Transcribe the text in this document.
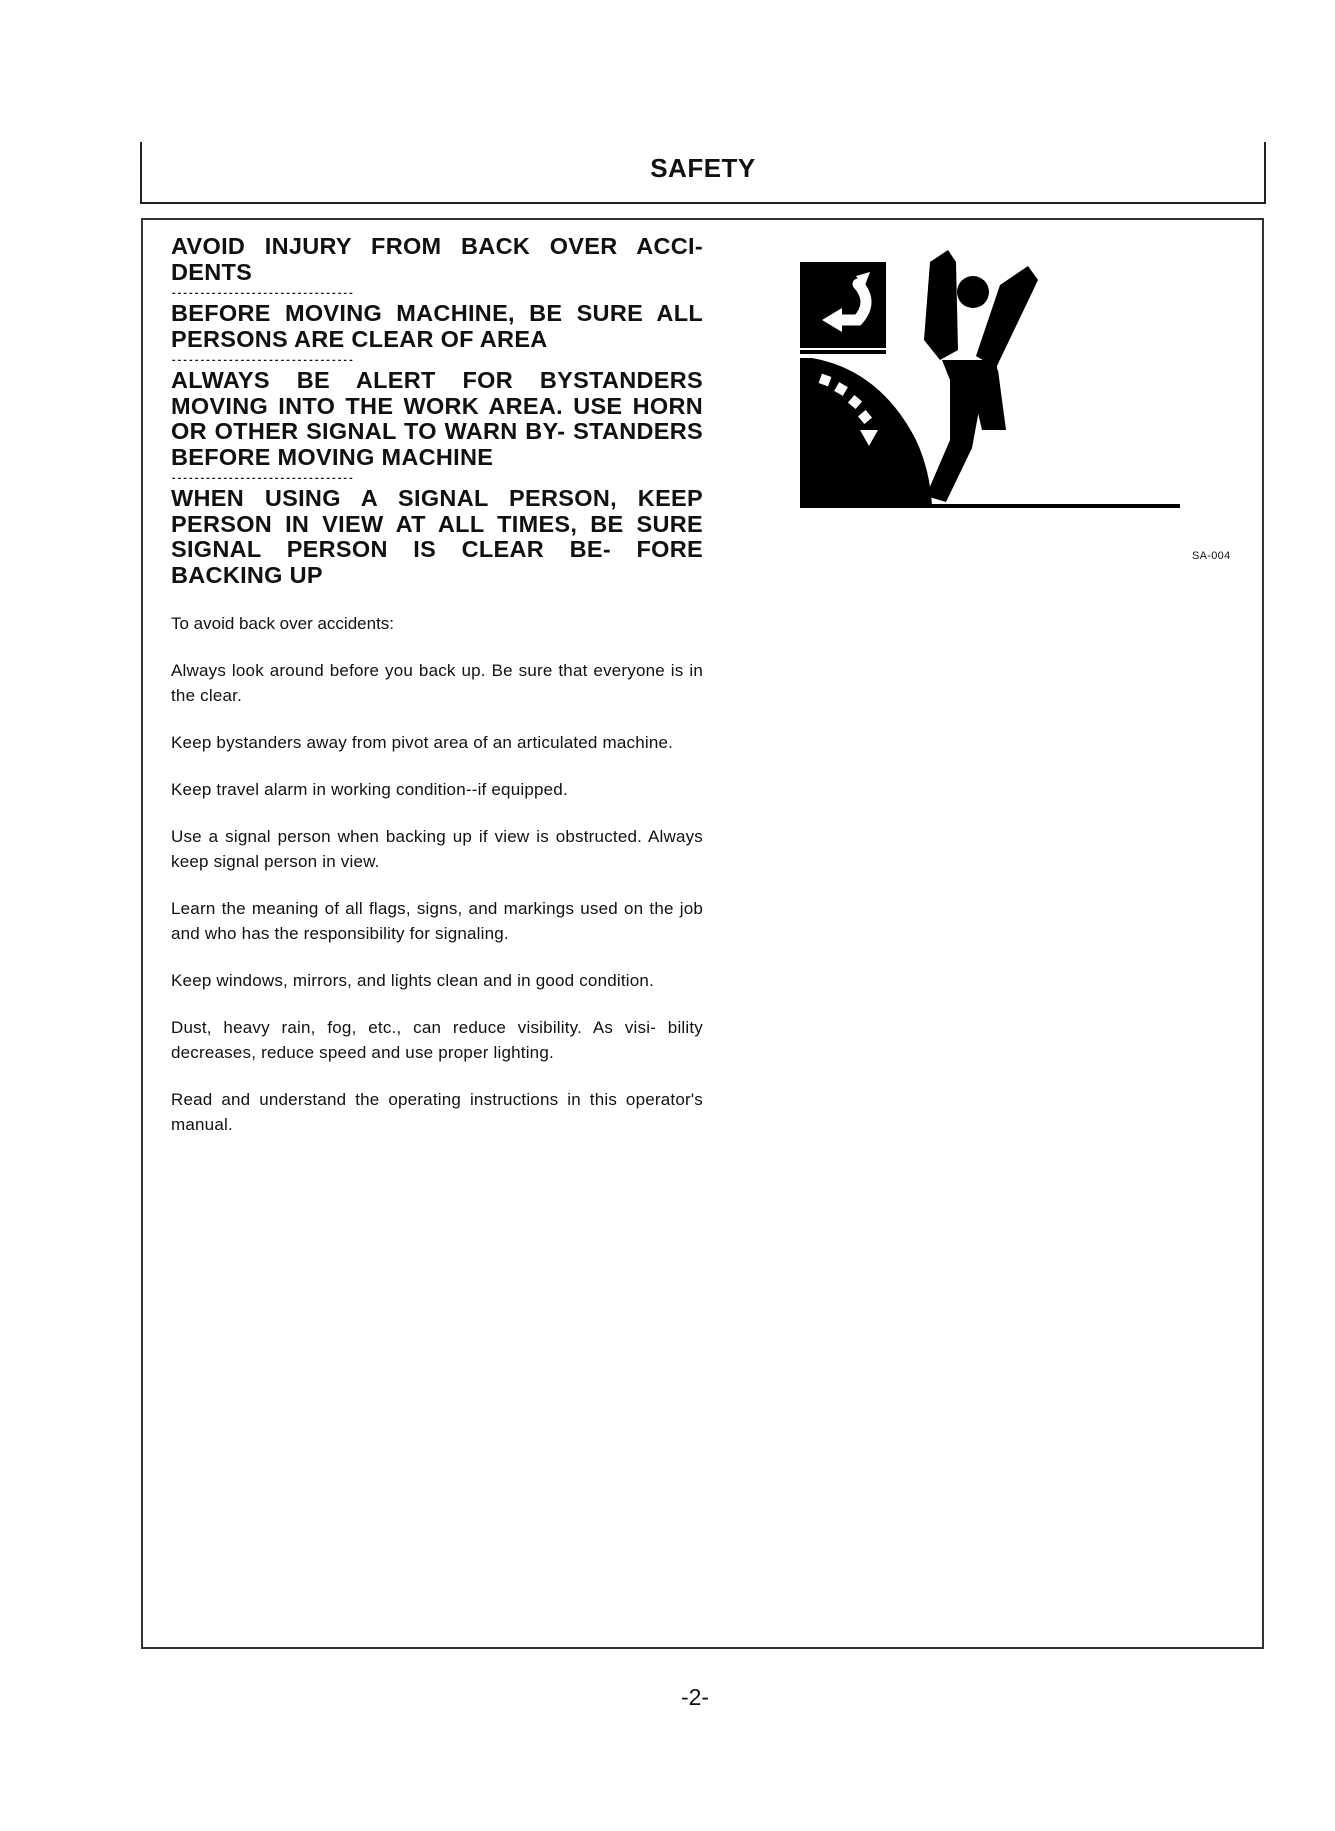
SAFETY

AVOID INJURY FROM BACK OVER ACCI- DENTS

--------------------------------

BEFORE MOVING MACHINE, BE SURE ALL PERSONS ARE CLEAR OF AREA

--------------------------------

ALWAYS BE ALERT FOR BYSTANDERS MOVING INTO THE WORK AREA. USE HORN OR OTHER SIGNAL TO WARN BY- STANDERS BEFORE MOVING MACHINE

--------------------------------

WHEN USING A SIGNAL PERSON, KEEP PERSON IN VIEW AT ALL TIMES, BE SURE SIGNAL PERSON IS CLEAR BE- FORE BACKING UP

To avoid back over accidents:

Always look around before you back up. Be sure that everyone is in the clear.

Keep bystanders away from pivot area of an articulated machine.

Keep travel alarm in working condition--if equipped.

Use a signal person when backing up if view is obstructed. Always keep signal person in view.

Learn the meaning of all flags, signs, and markings used on the job and who has the responsibility for signaling.

Keep windows, mirrors, and lights clean and in good condition.

Dust, heavy rain, fog, etc., can reduce visibility. As visi- bility decreases, reduce speed and use proper lighting.

Read and understand the operating instructions in this operator's manual.

SA-004
-2-
